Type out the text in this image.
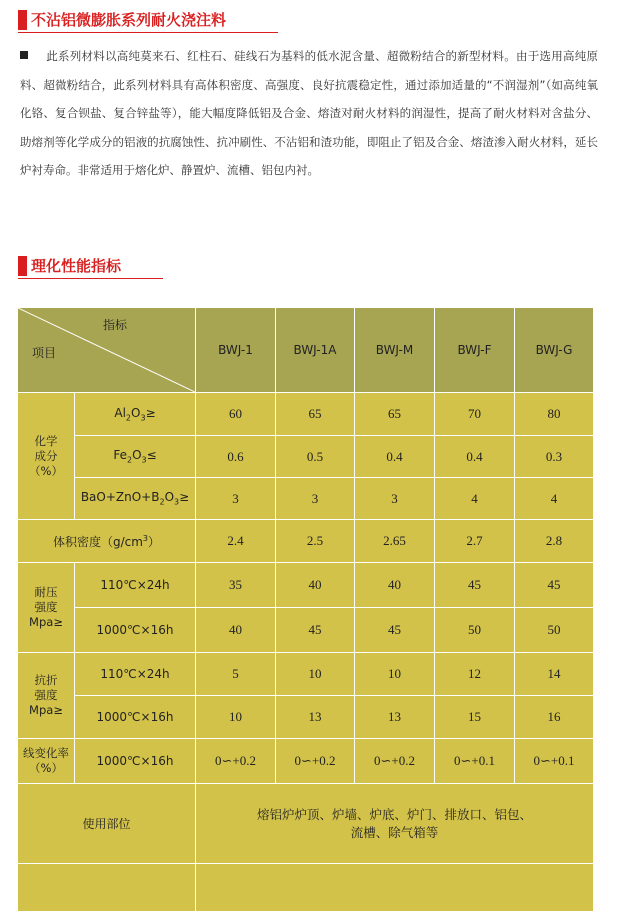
不沾铝微膨胀系列耐火浇注料
此系列材料以高纯莫来石、红柱石、硅线石为基料的低水泥含量、超微粉结合的新型材料。由于选用高纯原料、超微粉结合，此系列材料具有高体积密度、高强度、良好抗震稳定性，通过添加适量的“不润湿剂”（如高纯氧化铬、复合钡盐、复合锌盐等），能大幅度降低铝及合金、熔渣对耐火材料的润湿性，提高了耐火材料对含盐分、助熔剂等化学成分的铝液的抗腐蚀性、抗冲刷性、不沾铝和渣功能，即阻止了铝及合金、熔渣渗入耐火材料，延长炉衬寿命。非常适用于熔化炉、静置炉、流槽、铝包内衬。
理化性能指标
指标
项目		BWJ-1	BWJ-1A	BWJ-M	BWJ-F	BWJ-G
化学
成分
（%）	$Al_2O_3\ge$	60	65	65	70	80
	$Fe_2O_3\le$	0.6	0.5	0.4	0.4	0.3
	$BaO+ZnO+B_2O_3\ge$	3	3	3	4	4
体积密度$(g/cm^3)$		2.4	2.5	2.65	2.7	2.8
耐压
强度
Mpa≥	110℃×24h	35	40	40	45	45
	1000℃×16h	40	45	45	50	50
抗折
强度
Mpa≥	110℃×24h	5	10	10	12	14
	1000℃×16h	10	13	13	15	16
线变化率
（%）	1000℃×16h	0∽+0.2	0∽+0.2	0∽+0.2	0∽+0.1	0∽+0.1
使用部位		熔铝炉炉顶、炉墙、炉底、炉门、排放口、铝包、
流槽、除气箱等				
